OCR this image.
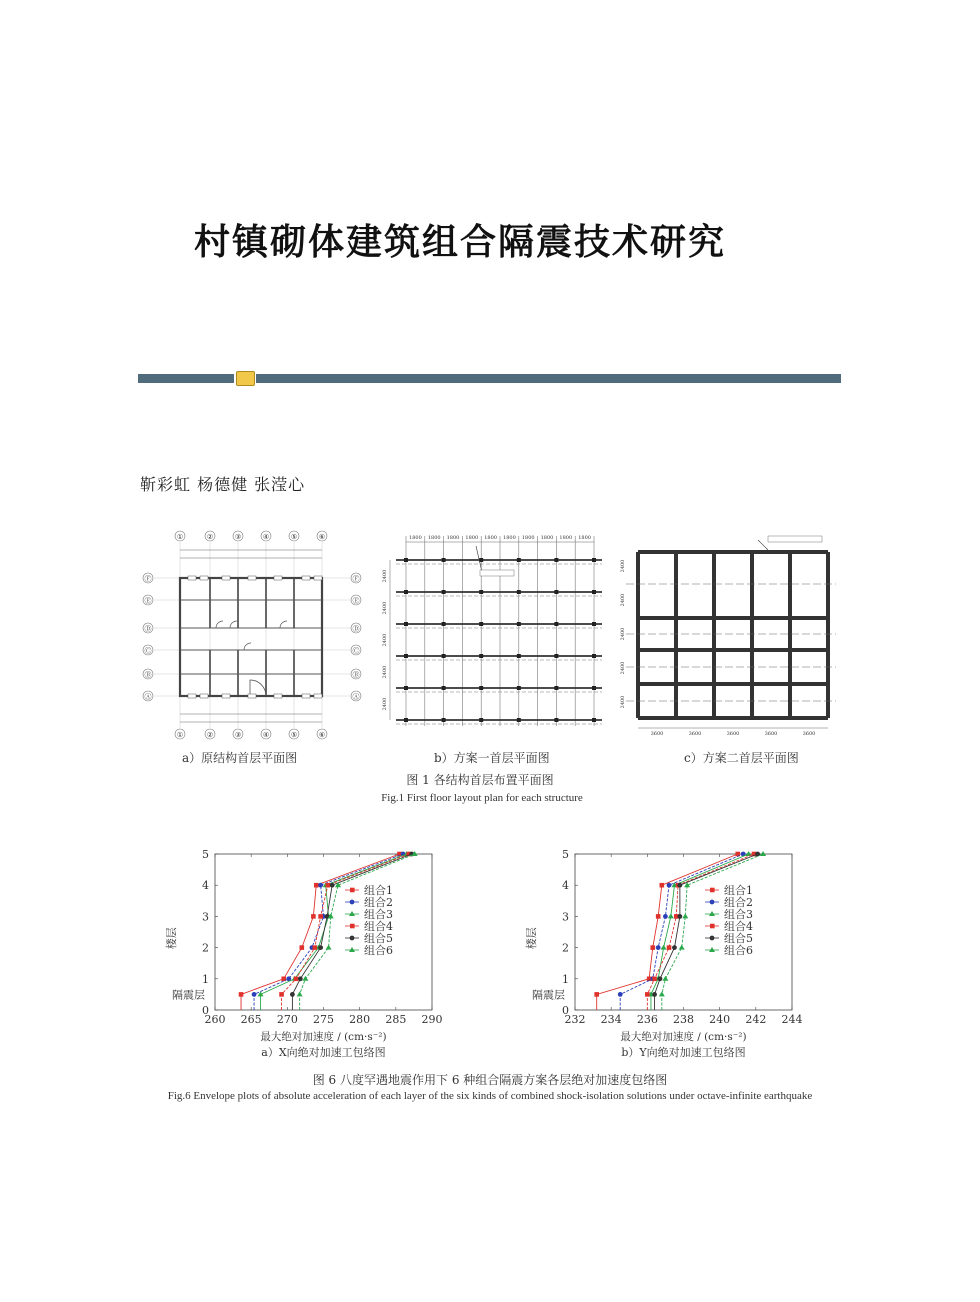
村镇砌体建筑组合隔震技术研究
靳彩虹 杨德健 张滢心
①
①
②
②
③
③
④
④
⑤
⑤
⑥
⑥
Ⓕ	Ⓕ
Ⓔ	Ⓔ
Ⓓ	Ⓓ
Ⓒ	Ⓒ
Ⓑ	Ⓑ
Ⓐ	Ⓐ
1800 1800 1800 1800 1800 1800 1800 1800 1800 1800
2400
2400
2400
2400
2400
2400
2400
2400
2400
2400
3600	3600	3600	3600	3600
a）原结构首层平面图	b）方案一首层平面图	c）方案二首层平面图
图 1 各结构首层布置平面图
Fig.1 First floor layout plan for each structure

260 265 270 275 280 285 290
0
1
2
3
4
5
隔震层
楼层
最大绝对加速度 / (cm·s⁻²)
a）X向绝对加速工包络图
组合1
组合2
组合3
组合4
组合5
组合6
232 234 236 238 240 242 244
0
1
2
3
4
5
隔震层
楼层
最大绝对加速度 / (cm·s⁻²)
b）Y向绝对加速工包络图
组合1
组合2
组合3
组合4
组合5
组合6
图 6 八度罕遇地震作用下 6 种组合隔震方案各层绝对加速度包络图
Fig.6 Envelope plots of absolute acceleration of each layer of the six kinds of combined shock-isolation solutions under octave-infinite earthquake
